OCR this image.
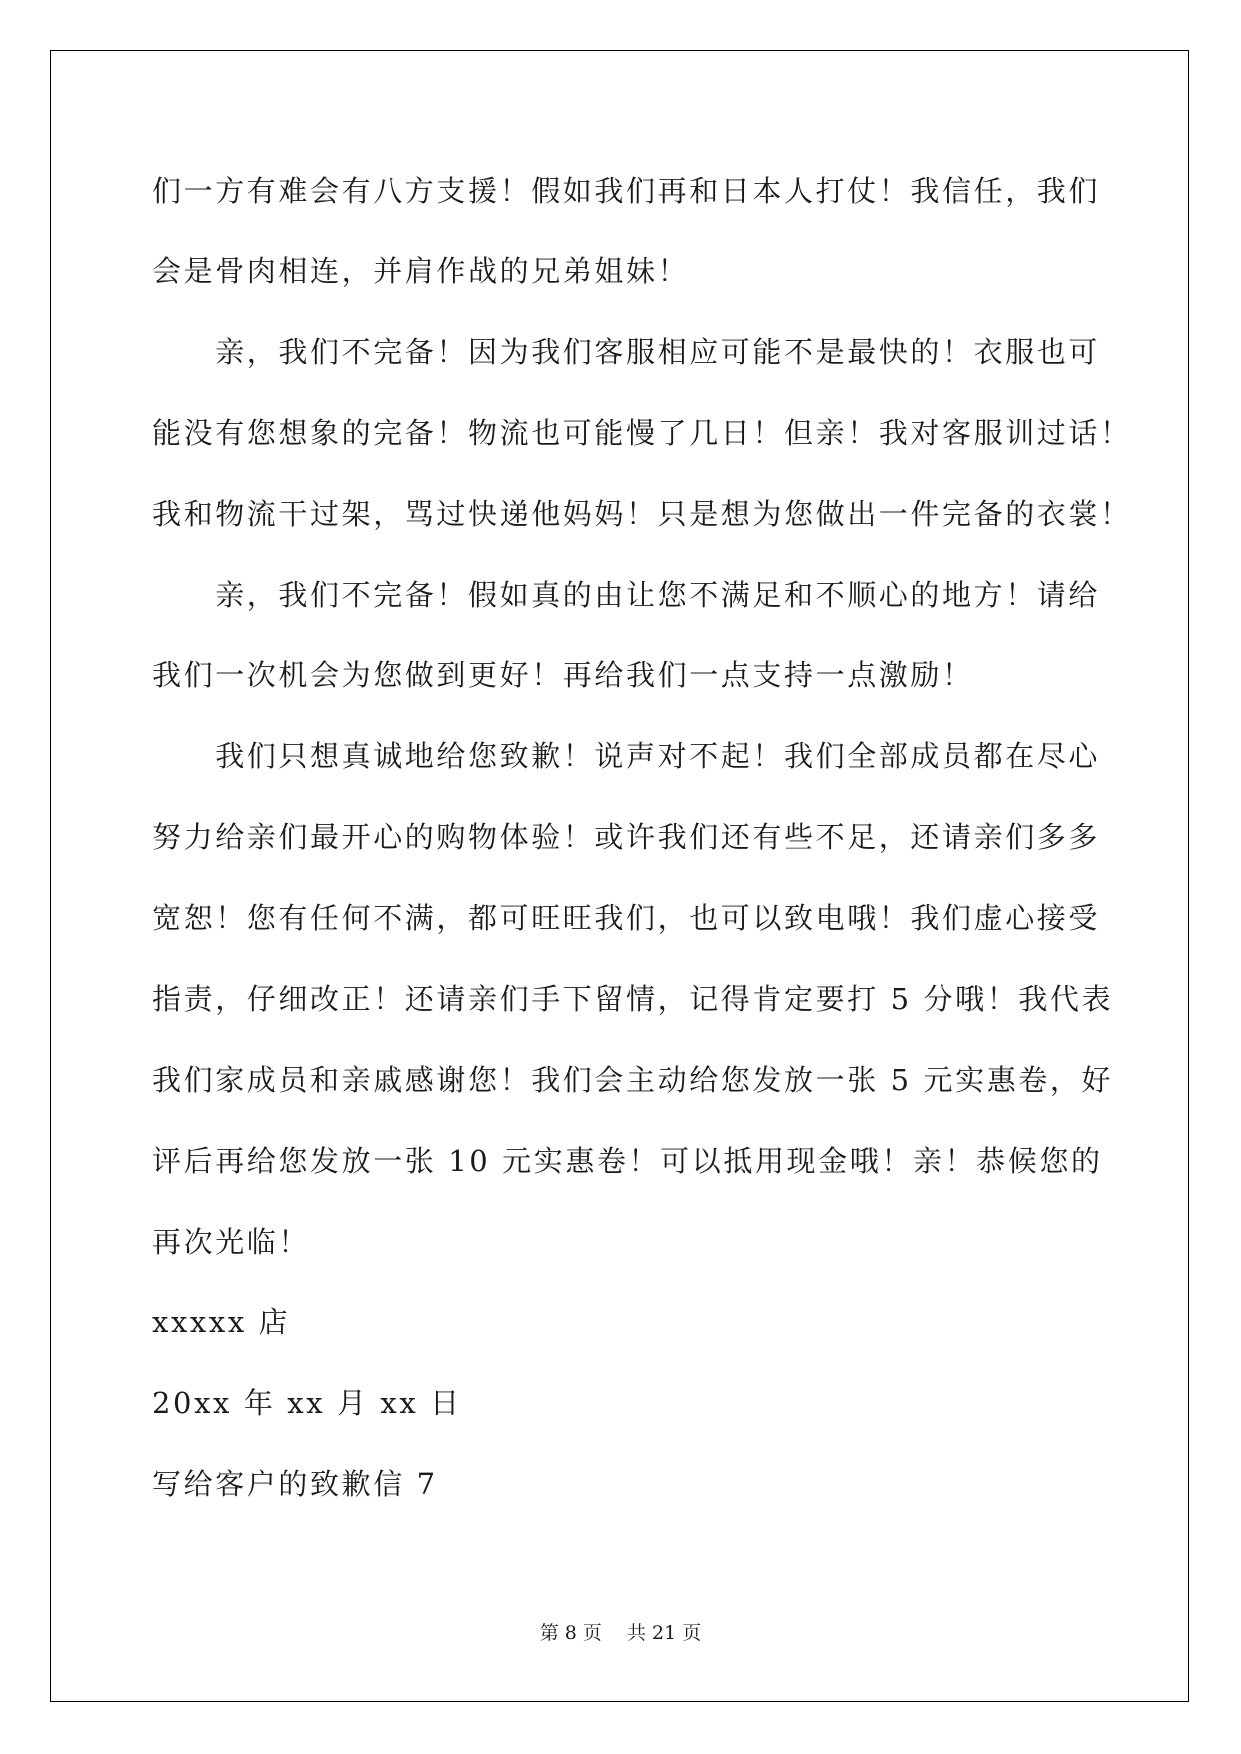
们一方有难会有八方支援！假如我们再和日本人打仗！我信任，我们
会是骨肉相连，并肩作战的兄弟姐妹！
　　亲，我们不完备！因为我们客服相应可能不是最快的！衣服也可
能没有您想象的完备！物流也可能慢了几日！但亲！我对客服训过话！
我和物流干过架，骂过快递他妈妈！只是想为您做出一件完备的衣裳！
　　亲，我们不完备！假如真的由让您不满足和不顺心的地方！请给
我们一次机会为您做到更好！再给我们一点支持一点激励！
　　我们只想真诚地给您致歉！说声对不起！我们全部成员都在尽心
努力给亲们最开心的购物体验！或许我们还有些不足，还请亲们多多
宽恕！您有任何不满，都可旺旺我们，也可以致电哦！我们虚心接受
指责，仔细改正！还请亲们手下留情，记得肯定要打 5 分哦！我代表
我们家成员和亲戚感谢您！我们会主动给您发放一张 5 元实惠卷，好
评后再给您发放一张 10 元实惠卷！可以抵用现金哦！亲！恭候您的
再次光临！
xxxxx 店
20xx 年 xx 月 xx 日
写给客户的致歉信 7
第 8 页　 共 21 页
